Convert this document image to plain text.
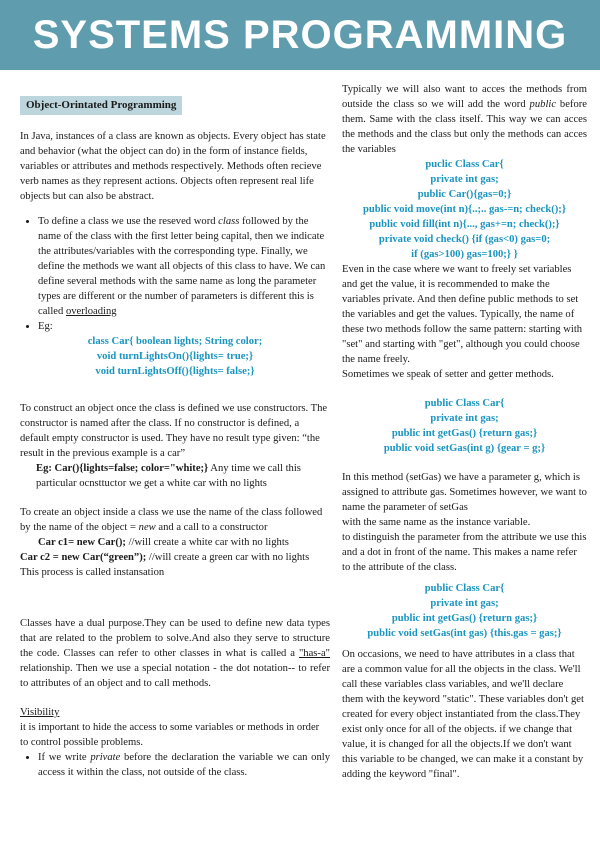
SYSTEMS PROGRAMMING
Object-Orintated Programming

In Java, instances of a class are known as objects. Every object has state and behavior (what the object can do) in the form of instance fields, variables or attributes and methods respectively. Methods often recieve verb names as they represent actions. Objects often represent real life objects but can also be abstract.

• To define a class we use the reseved word class followed by the name of the class with the first letter being capital, then we indicate the attributes/variables with the corresponding type. Finally, we define the methods we want all objects of this class to have. We can define several methods with the same name as long the parameter types are different or the number of parameters is different this is called overloading
• Eg:
class Car{ boolean lights; String color;
void turnLightsOn(){lights= true;}
void turnLightsOff(){lights= false;}

To construct an object once the class is defined we use constructors. The constructor is named after the class. If no constructor is defined, a default empty constructor is used. They have no result type given: “the result in the previous example is a car”

Eg: Car(){lights=false; color="white;} Any time we call this particular ocnsttuctor we get a white car with no lights

To create an object inside a class we use the name of the class followed by the name of the object = new and a call to a constructor

Car c1= new Car(); //will create a white car with no lights

Car c2 = new Car(“green”); //will create a green car with no lights

This process is called instansation

Classes have a dual purpose.They can be used to define new data types that are related to the problem to solve.And also they serve to structure the code. Classes can refer to other classes in what is called a "has-a" relationship. Then we use a special notation - the dot notation-- to refer to attributes of an object and to call methods.

Visibility

it is important to hide the access to some variables or methods in order to control possible problems.

• If we write private before the declaration the variable we can only access it within the class, not outside of the class.

Typically we will also want to acces the methods from outside the class so we will add the word public before them. Same with the class itself. This way we can acces the methods and the class but only the methods can acces the variables

puclic Class Car{
private int gas;
public Car(){gas=0;}
public void move(int n){..;.. gas-=n; check();}
public void fill(int n){..., gas+=n; check();}
private void check() {if (gas<0) gas=0;
if (gas>100) gas=100;} }

Even in the case where we want to freely set variables and get the value, it is recommended to make the variables private. And then define public methods to set the variables and get the values. Typically, the name of these two methods follow the same pattern: starting with "set" and starting with "get", although you could choose the name freely.

Sometimes we speak of setter and getter methods.

public Class Car{
private int gas;
public int getGas() {return gas;}
public void setGas(int g) {gear = g;}

In this method (setGas) we have a parameter g, which is assigned to attribute gas. Sometimes however, we want to name the parameter of setGas

with the same name as the instance variable.

to distinguish the parameter from the attribute we use this and a dot in front of the name. This makes a name refer to the attribute of the class.

public Class Car{
private int gas;
public int getGas() {return gas;}
public void setGas(int gas) {this.gas = gas;}

On occasions, we need to have attributes in a class that are a common value for all the objects in the class. We'll call these variables class variables, and we'll declare them with the keyword "static". These variables don't get created for every object instantiated from the class.They exist only once for all of the objects. if we change that value, it is changed for all the objects.If we don't want this variable to be changed, we can make it a constant by adding the keyword "final".
